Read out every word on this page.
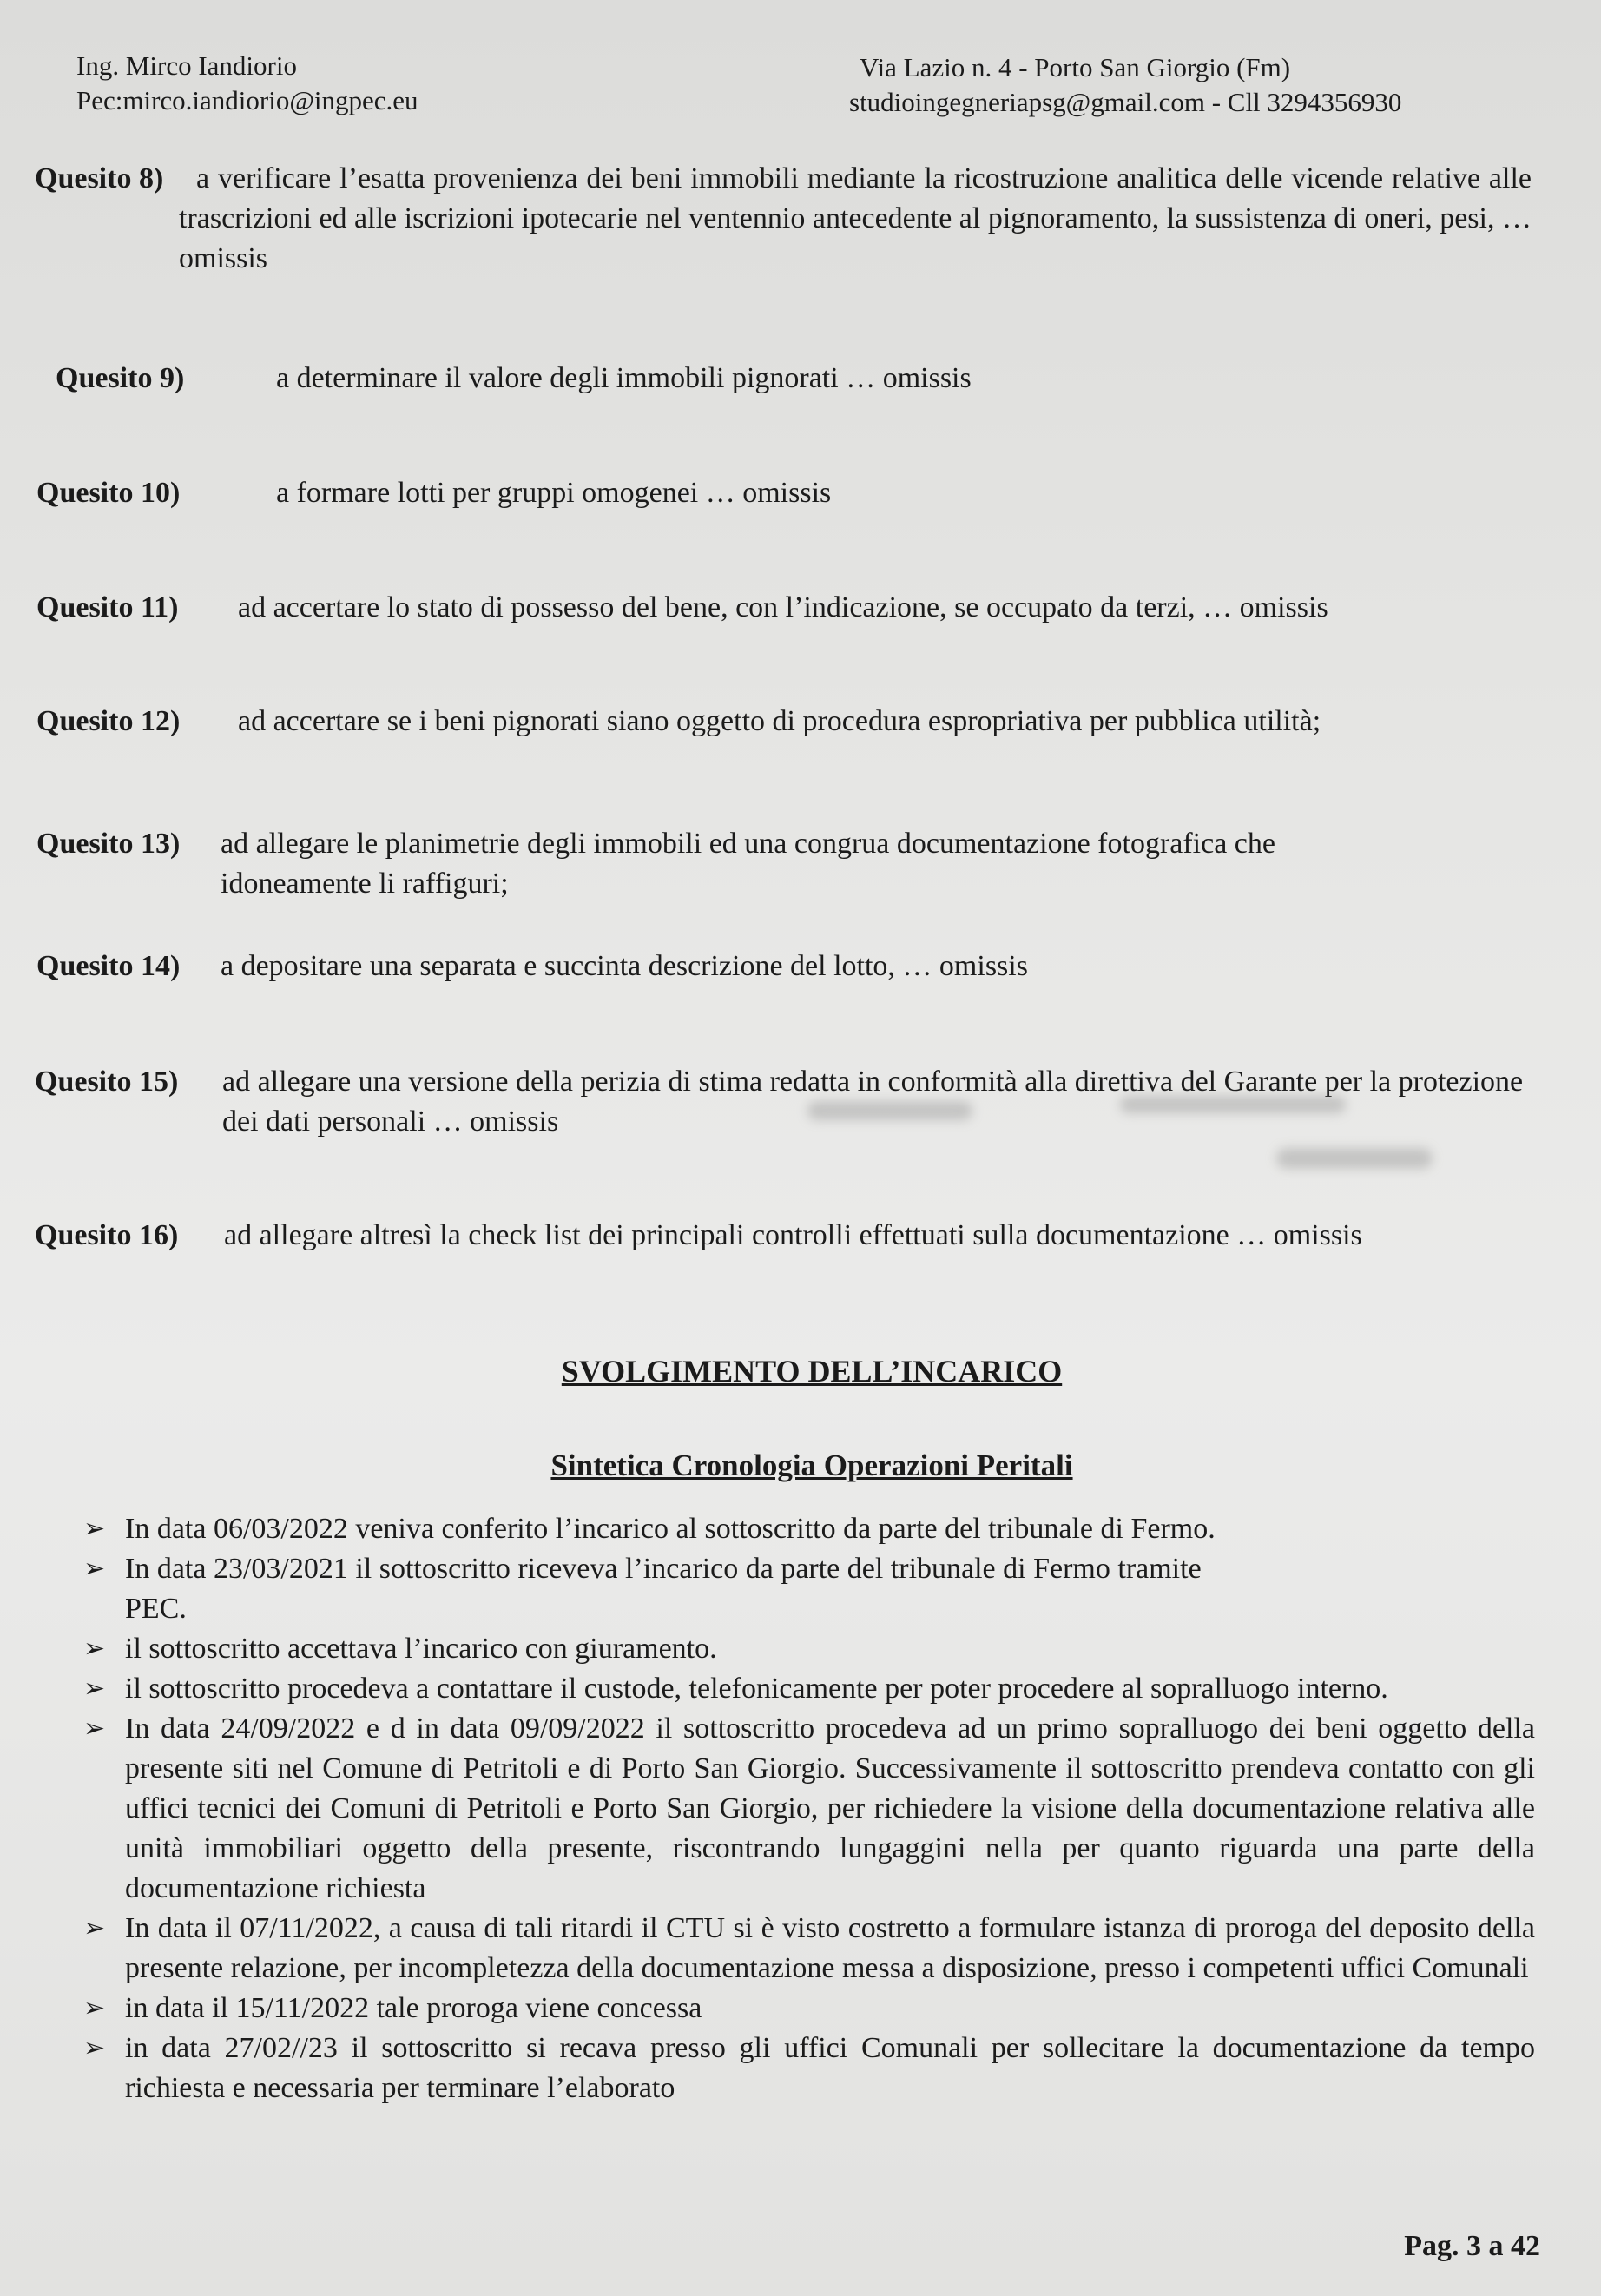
Ing. Mirco Iandiorio
Pec:mirco.iandiorio@ingpec.eu
Via Lazio n. 4 - Porto San Giorgio (Fm)
studioingegneriapsg@gmail.com - Cll 3294356930
Quesito 8)	a verificare l’esatta provenienza dei beni immobili mediante la ricostruzione analitica delle vicende relative alle trascrizioni ed alle iscrizioni ipotecarie nel ventennio antecedente al pignoramento, la sussistenza di oneri, pesi, … omissis
Quesito 9)	a determinare il valore degli immobili pignorati … omissis
Quesito 10)	a formare lotti per gruppi omogenei … omissis
Quesito 11) ad accertare lo stato di possesso del bene, con l’indicazione, se occupato da terzi, … omissis
Quesito 12) ad accertare se i beni pignorati siano oggetto di procedura espropriativa per pubblica utilità;
Quesito 13) ad allegare le planimetrie degli immobili ed una congrua documentazione fotografica che idoneamente li raffiguri;
Quesito 14) a depositare una separata e succinta descrizione del lotto, … omissis
Quesito 15) ad allegare una versione della perizia di stima redatta in conformità alla direttiva del Garante per la protezione dei dati personali … omissis
Quesito 16) ad allegare altresì la check list dei principali controlli effettuati sulla documentazione … omissis
SVOLGIMENTO DELL’INCARICO
Sintetica Cronologia Operazioni Peritali
➢ In data 06/03/2022 veniva conferito l’incarico al sottoscritto da parte del tribunale di Fermo.
➢ In data 23/03/2021 il sottoscritto riceveva l’incarico da parte del tribunale di Fermo tramite PEC.
➢ il sottoscritto accettava l’incarico con giuramento.
➢ il sottoscritto procedeva a contattare il custode, telefonicamente per poter procedere al sopralluogo interno.
➢ In data 24/09/2022 e d in data 09/09/2022 il sottoscritto procedeva ad un primo sopralluogo dei beni oggetto della presente siti nel Comune di Petritoli e di Porto San Giorgio. Successivamente il sottoscritto prendeva contatto con gli uffici tecnici dei Comuni di Petritoli e Porto San Giorgio, per richiedere la visione della documentazione relativa alle unità immobiliari oggetto della presente, riscontrando lungaggini nella per quanto riguarda una parte della documentazione richiesta
➢ In data il 07/11/2022, a causa di tali ritardi il CTU si è visto costretto a formulare istanza di proroga del deposito della presente relazione, per incompletezza della documentazione messa a disposizione, presso i competenti uffici Comunali
➢ in data il 15/11/2022 tale proroga viene concessa
➢ in data 27/02//23 il sottoscritto si recava presso gli uffici Comunali per sollecitare la documentazione da tempo richiesta e necessaria per terminare l’elaborato
Pag. 3 a 42
